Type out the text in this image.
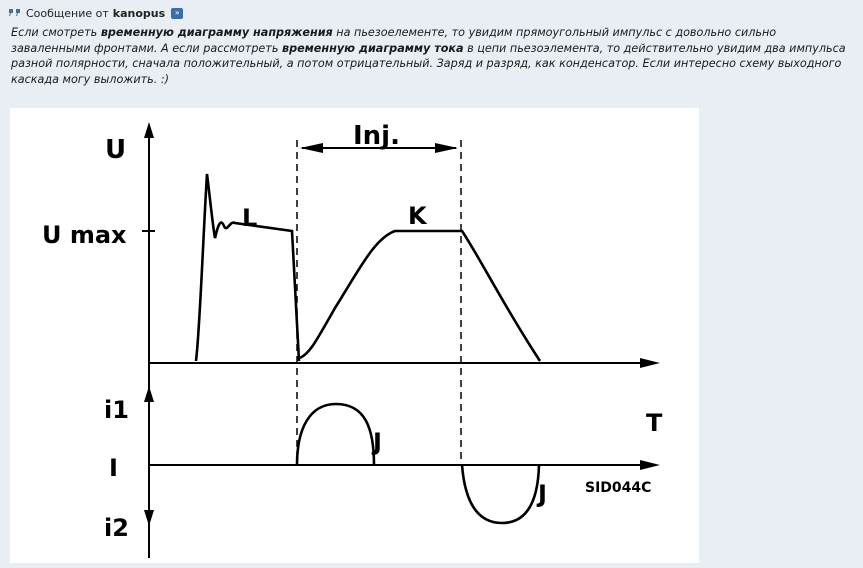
Сообщение от kanopus	»

Если смотреть временную диаграмму напряжения на пьезоелементе, то увидим прямоугольный импульс с довольно сильно заваленными фронтами. А если рассмотреть временную диаграмму тока в цепи пьезоэлемента, то действительно увидим два импульса разной полярности, сначала положительный, а потом отрицательный. Заряд и разряд, как конденсатор. Если интересно схему выходного каскада могу выложить. :)

U
U max
Inj.
L	K
i1	T
I
J
J
i2
SID044C
